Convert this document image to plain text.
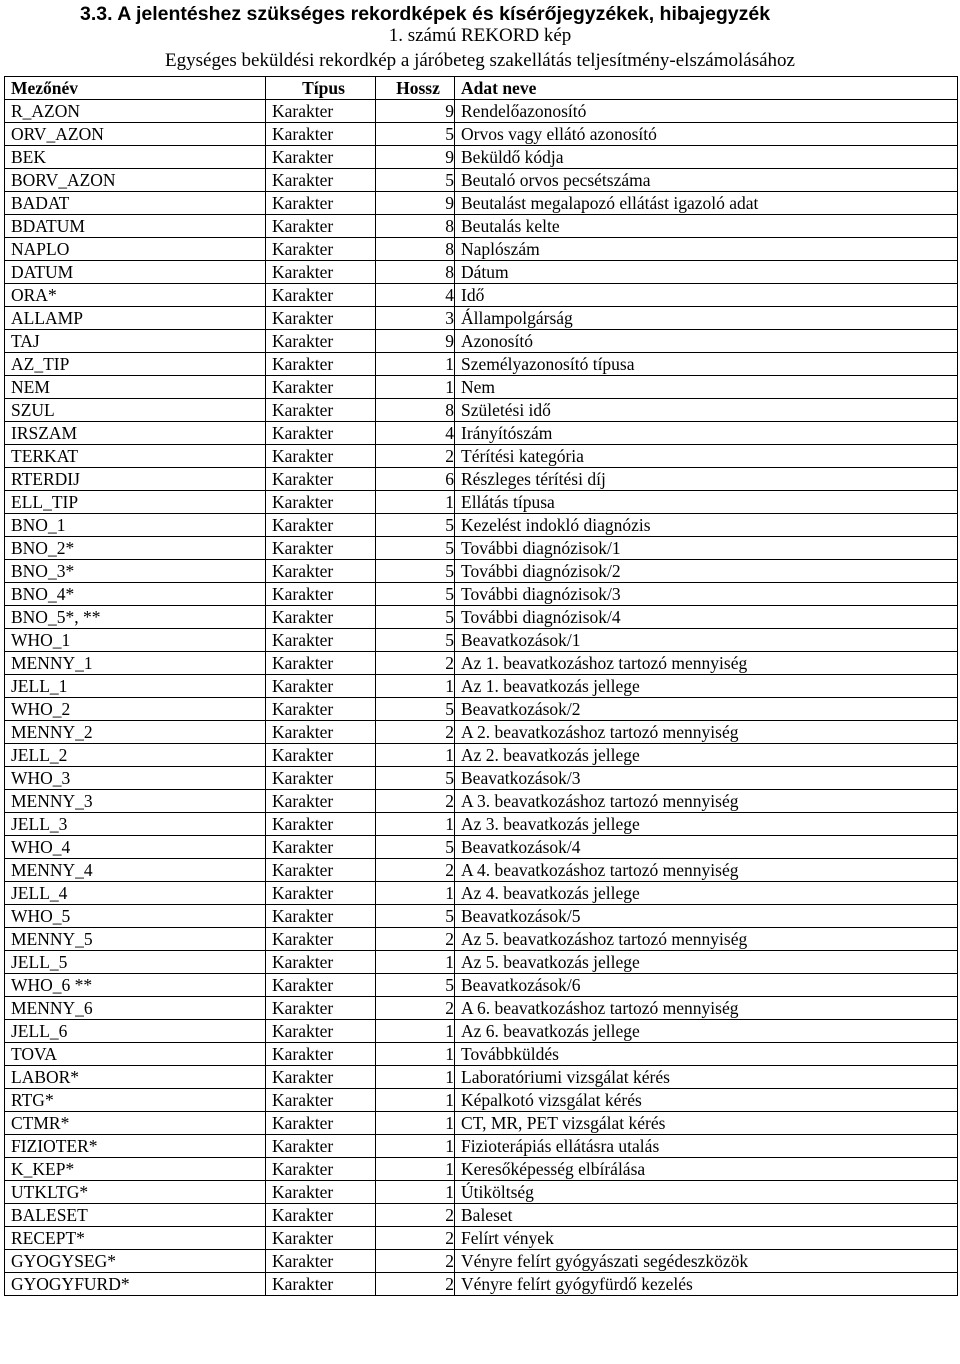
3.3. A jelentéshez szükséges rekordképek és kísérőjegyzékek, hibajegyzék
1. számú REKORD kép
Egységes beküldési rekordkép a járóbeteg szakellátás teljesítmény-elszámolásához
Mezőnév	Típus	Hossz	Adat neve
R_AZON	Karakter	9	Rendelőazonosító
ORV_AZON	Karakter	5	Orvos vagy ellátó azonosító
BEK	Karakter	9	Beküldő kódja
BORV_AZON	Karakter	5	Beutaló orvos pecsétszáma
BADAT	Karakter	9	Beutalást megalapozó ellátást igazoló adat
BDATUM	Karakter	8	Beutalás kelte
NAPLO	Karakter	8	Naplószám
DATUM	Karakter	8	Dátum
ORA*	Karakter	4	Idő
ALLAMP	Karakter	3	Állampolgárság
TAJ	Karakter	9	Azonosító
AZ_TIP	Karakter	1	Személyazonosító típusa
NEM	Karakter	1	Nem
SZUL	Karakter	8	Születési idő
IRSZAM	Karakter	4	Irányítószám
TERKAT	Karakter	2	Térítési kategória
RTERDIJ	Karakter	6	Részleges térítési díj
ELL_TIP	Karakter	1	Ellátás típusa
BNO_1	Karakter	5	Kezelést indokló diagnózis
BNO_2*	Karakter	5	További diagnózisok/1
BNO_3*	Karakter	5	További diagnózisok/2
BNO_4*	Karakter	5	További diagnózisok/3
BNO_5*, **	Karakter	5	További diagnózisok/4
WHO_1	Karakter	5	Beavatkozások/1
MENNY_1	Karakter	2	Az 1. beavatkozáshoz tartozó mennyiség
JELL_1	Karakter	1	Az 1. beavatkozás jellege
WHO_2	Karakter	5	Beavatkozások/2
MENNY_2	Karakter	2	A 2. beavatkozáshoz tartozó mennyiség
JELL_2	Karakter	1	Az 2. beavatkozás jellege
WHO_3	Karakter	5	Beavatkozások/3
MENNY_3	Karakter	2	A 3. beavatkozáshoz tartozó mennyiség
JELL_3	Karakter	1	Az 3. beavatkozás jellege
WHO_4	Karakter	5	Beavatkozások/4
MENNY_4	Karakter	2	A 4. beavatkozáshoz tartozó mennyiség
JELL_4	Karakter	1	Az 4. beavatkozás jellege
WHO_5	Karakter	5	Beavatkozások/5
MENNY_5	Karakter	2	Az 5. beavatkozáshoz tartozó mennyiség
JELL_5	Karakter	1	Az 5. beavatkozás jellege
WHO_6 **	Karakter	5	Beavatkozások/6
MENNY_6	Karakter	2	A 6. beavatkozáshoz tartozó mennyiség
JELL_6	Karakter	1	Az 6. beavatkozás jellege
TOVA	Karakter	1	Továbbküldés
LABOR*	Karakter	1	Laboratóriumi vizsgálat kérés
RTG*	Karakter	1	Képalkotó vizsgálat kérés
CTMR*	Karakter	1	CT, MR, PET vizsgálat kérés
FIZIOTER*	Karakter	1	Fizioterápiás ellátásra utalás
K_KEP*	Karakter	1	Keresőképesség elbírálása
UTKLTG*	Karakter	1	Útiköltség
BALESET	Karakter	2	Baleset
RECEPT*	Karakter	2	Felírt vények
GYOGYSEG*	Karakter	2	Vényre felírt gyógyászati segédeszközök
GYOGYFURD*	Karakter	2	Vényre felírt gyógyfürdő kezelés
